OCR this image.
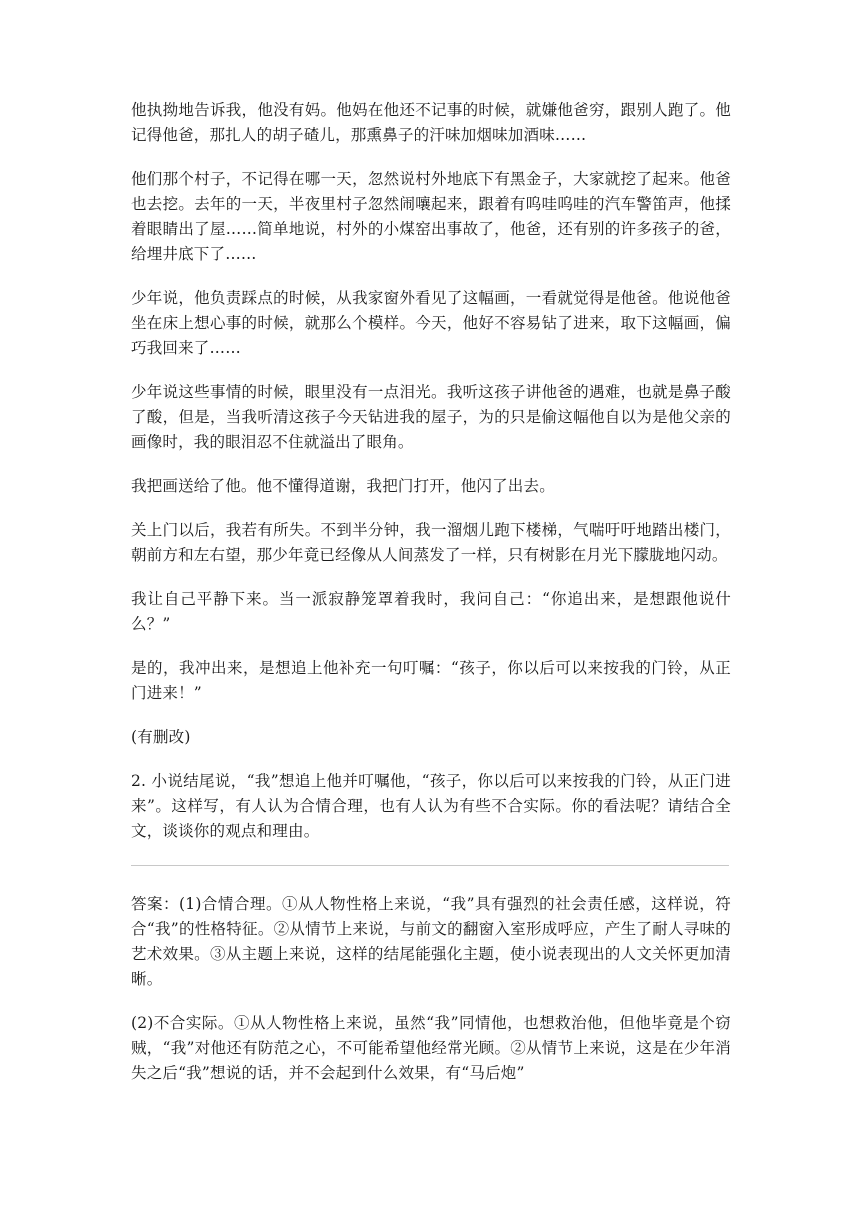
他执拗地告诉我，他没有妈。他妈在他还不记事的时候，就嫌他爸穷，跟别人跑了。他记得他爸，那扎人的胡子碴儿，那熏鼻子的汗味加烟味加酒味……

他们那个村子，不记得在哪一天，忽然说村外地底下有黑金子，大家就挖了起来。他爸也去挖。去年的一天，半夜里村子忽然闹嚷起来，跟着有呜哇呜哇的汽车警笛声，他揉着眼睛出了屋……简单地说，村外的小煤窑出事故了，他爸，还有别的许多孩子的爸，给埋井底下了……

少年说，他负责踩点的时候，从我家窗外看见了这幅画，一看就觉得是他爸。他说他爸坐在床上想心事的时候，就那么个模样。今天，他好不容易钻了进来，取下这幅画，偏巧我回来了……

少年说这些事情的时候，眼里没有一点泪光。我听这孩子讲他爸的遇难，也就是鼻子酸了酸，但是，当我听清这孩子今天钻进我的屋子，为的只是偷这幅他自以为是他父亲的画像时，我的眼泪忍不住就溢出了眼角。

我把画送给了他。他不懂得道谢，我把门打开，他闪了出去。

关上门以后，我若有所失。不到半分钟，我一溜烟儿跑下楼梯，气喘吁吁地踏出楼门，朝前方和左右望，那少年竟已经像从人间蒸发了一样，只有树影在月光下朦胧地闪动。

我让自己平静下来。当一派寂静笼罩着我时，我问自己：“你追出来，是想跟他说什么？”

是的，我冲出来，是想追上他补充一句叮嘱：“孩子，你以后可以来按我的门铃，从正门进来！”

(有删改)

2. 小说结尾说，“我”想追上他并叮嘱他，“孩子，你以后可以来按我的门铃，从正门进来”。这样写，有人认为合情合理，也有人认为有些不合实际。你的看法呢？请结合全文，谈谈你的观点和理由。

答案：(1)合情合理。①从人物性格上来说，“我”具有强烈的社会责任感，这样说，符合“我”的性格特征。②从情节上来说，与前文的翻窗入室形成呼应，产生了耐人寻味的艺术效果。③从主题上来说，这样的结尾能强化主题，使小说表现出的人文关怀更加清晰。

(2)不合实际。①从人物性格上来说，虽然“我”同情他，也想救治他，但他毕竟是个窃贼，“我”对他还有防范之心，不可能希望他经常光顾。②从情节上来说，这是在少年消失之后“我”想说的话，并不会起到什么效果，有“马后炮”
